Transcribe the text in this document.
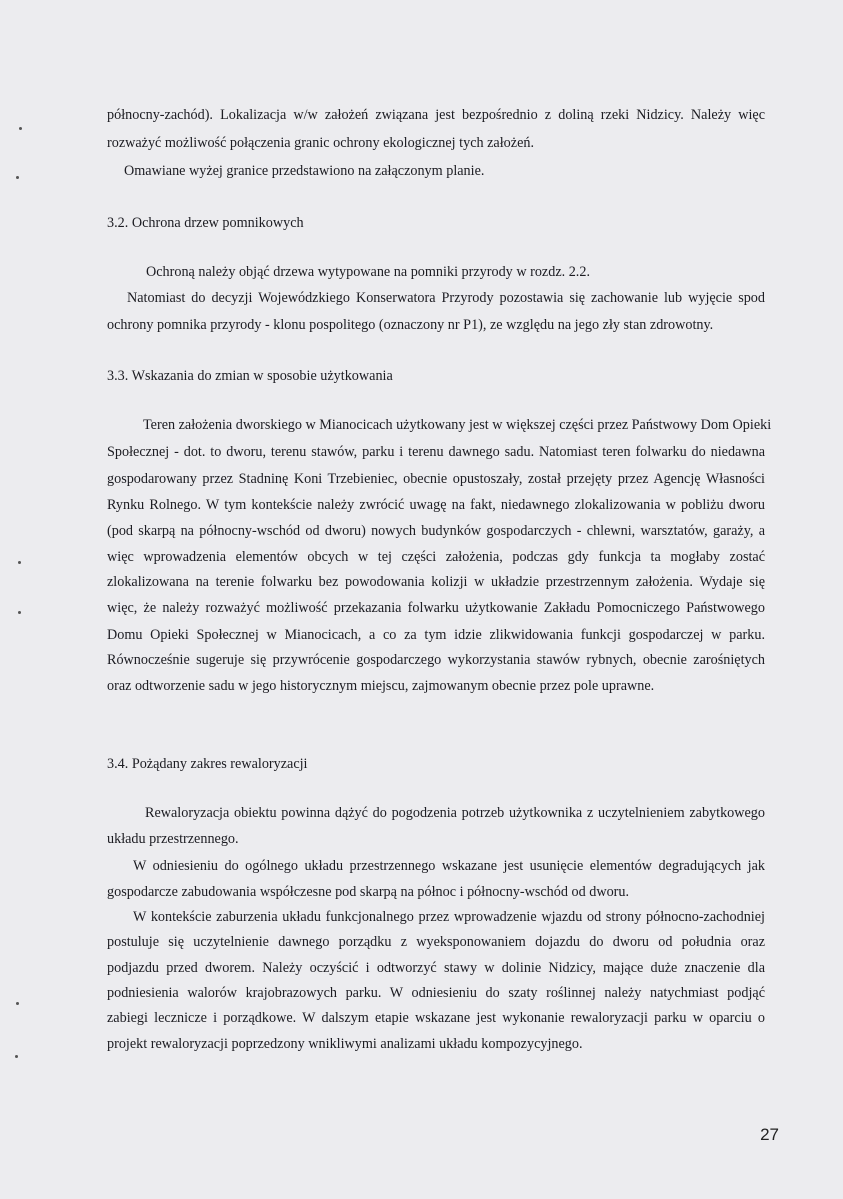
północny-zachód). Lokalizacja w/w założeń związana jest bezpośrednio z doliną rzeki Nidzicy. Należy więc
rozważyć możliwość połączenia granic ochrony ekologicznej tych założeń.
Omawiane wyżej granice przedstawiono na załączonym planie.
3.2. Ochrona drzew pomnikowych
Ochroną należy objąć drzewa wytypowane na pomniki przyrody w rozdz. 2.2.
Natomiast do decyzji Wojewódzkiego Konserwatora Przyrody pozostawia się zachowanie lub wyjęcie spod
ochrony pomnika przyrody - klonu pospolitego (oznaczony nr P1), ze względu na jego zły stan zdrowotny.
3.3. Wskazania do zmian w sposobie użytkowania
Teren założenia dworskiego w Mianocicach użytkowany jest w większej części przez Państwowy Dom Opieki
Społecznej - dot. to dworu, terenu stawów, parku i terenu dawnego sadu. Natomiast teren folwarku do niedawna
gospodarowany przez Stadninę Koni Trzebieniec, obecnie opustoszały, został przejęty przez Agencję Własności
Rynku Rolnego. W tym kontekście należy zwrócić uwagę na fakt, niedawnego zlokalizowania w pobliżu dworu
(pod skarpą na północny-wschód od dworu) nowych budynków gospodarczych - chlewni, warsztatów, garaży, a
więc wprowadzenia elementów obcych w tej części założenia, podczas gdy funkcja ta mogłaby zostać
zlokalizowana na terenie folwarku bez powodowania kolizji w układzie przestrzennym założenia. Wydaje się
więc, że należy rozważyć możliwość przekazania folwarku użytkowanie Zakładu Pomocniczego Państwowego
Domu Opieki Społecznej w Mianocicach, a co za tym idzie zlikwidowania funkcji gospodarczej w parku.
Równocześnie sugeruje się przywrócenie gospodarczego wykorzystania stawów rybnych, obecnie zarośniętych
oraz odtworzenie sadu w jego historycznym miejscu, zajmowanym obecnie przez pole uprawne.
3.4. Pożądany zakres rewaloryzacji
Rewaloryzacja obiektu powinna dążyć do pogodzenia potrzeb użytkownika z uczytelnieniem zabytkowego
układu przestrzennego.
W odniesieniu do ogólnego układu przestrzennego wskazane jest usunięcie elementów degradujących jak
gospodarcze zabudowania współczesne pod skarpą na północ i północny-wschód od dworu.
W kontekście zaburzenia układu funkcjonalnego przez wprowadzenie wjazdu od strony północno-zachodniej
postuluje się uczytelnienie dawnego porządku z wyeksponowaniem dojazdu do dworu od południa oraz
podjazdu przed dworem. Należy oczyścić i odtworzyć stawy w dolinie Nidzicy, mające duże znaczenie dla
podniesienia walorów krajobrazowych parku. W odniesieniu do szaty roślinnej należy natychmiast podjąć
zabiegi lecznicze i porządkowe. W dalszym etapie wskazane jest wykonanie rewaloryzacji parku w oparciu o
projekt rewaloryzacji poprzedzony wnikliwymi analizami układu kompozycyjnego.
27
